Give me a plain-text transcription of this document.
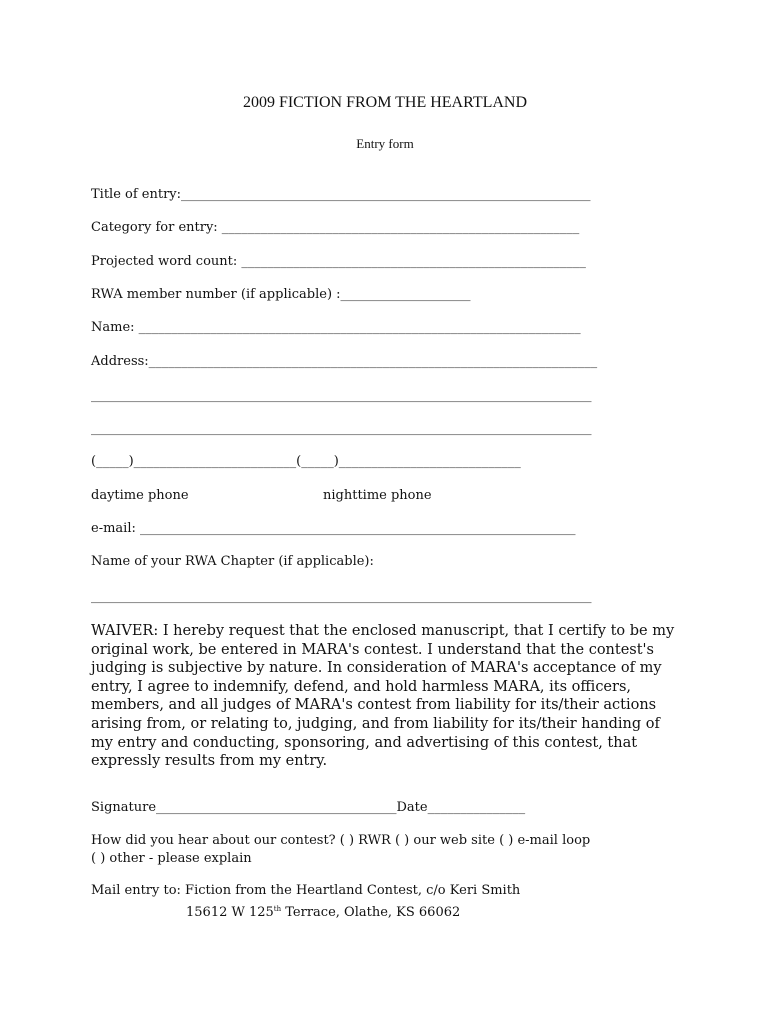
2009 FICTION FROM THE HEARTLAND
Entry form
Title of entry:_______________________________________________________________
Category for entry: _______________________________________________________
Projected word count: _____________________________________________________
RWA member number (if applicable) :____________________
Name: ____________________________________________________________________
Address:_____________________________________________________________________
_____________________________________________________________________________
_____________________________________________________________________________
(_____)_________________________(_____)____________________________
daytime phone	nighttime phone
e-mail: ___________________________________________________________________
Name of your RWA Chapter (if applicable):
_____________________________________________________________________________
WAIVER: I hereby request that the enclosed manuscript, that I certify to be my
original work, be entered in MARA's contest. I understand that the contest's
judging is subjective by nature. In consideration of MARA's acceptance of my
entry, I agree to indemnify, defend, and hold harmless MARA, its officers,
members, and all judges of MARA's contest from liability for its/their actions
arising from, or relating to, judging, and from liability for its/their handing of
my entry and conducting, sponsoring, and advertising of this contest, that
expressly results from my entry.
Signature_____________________________________Date_______________
How did you hear about our contest? ( ) RWR ( ) our web site ( ) e-mail loop
( ) other - please explain
Mail entry to: Fiction from the Heartland Contest, c/o Keri Smith
15612 W 125th Terrace, Olathe, KS 66062
